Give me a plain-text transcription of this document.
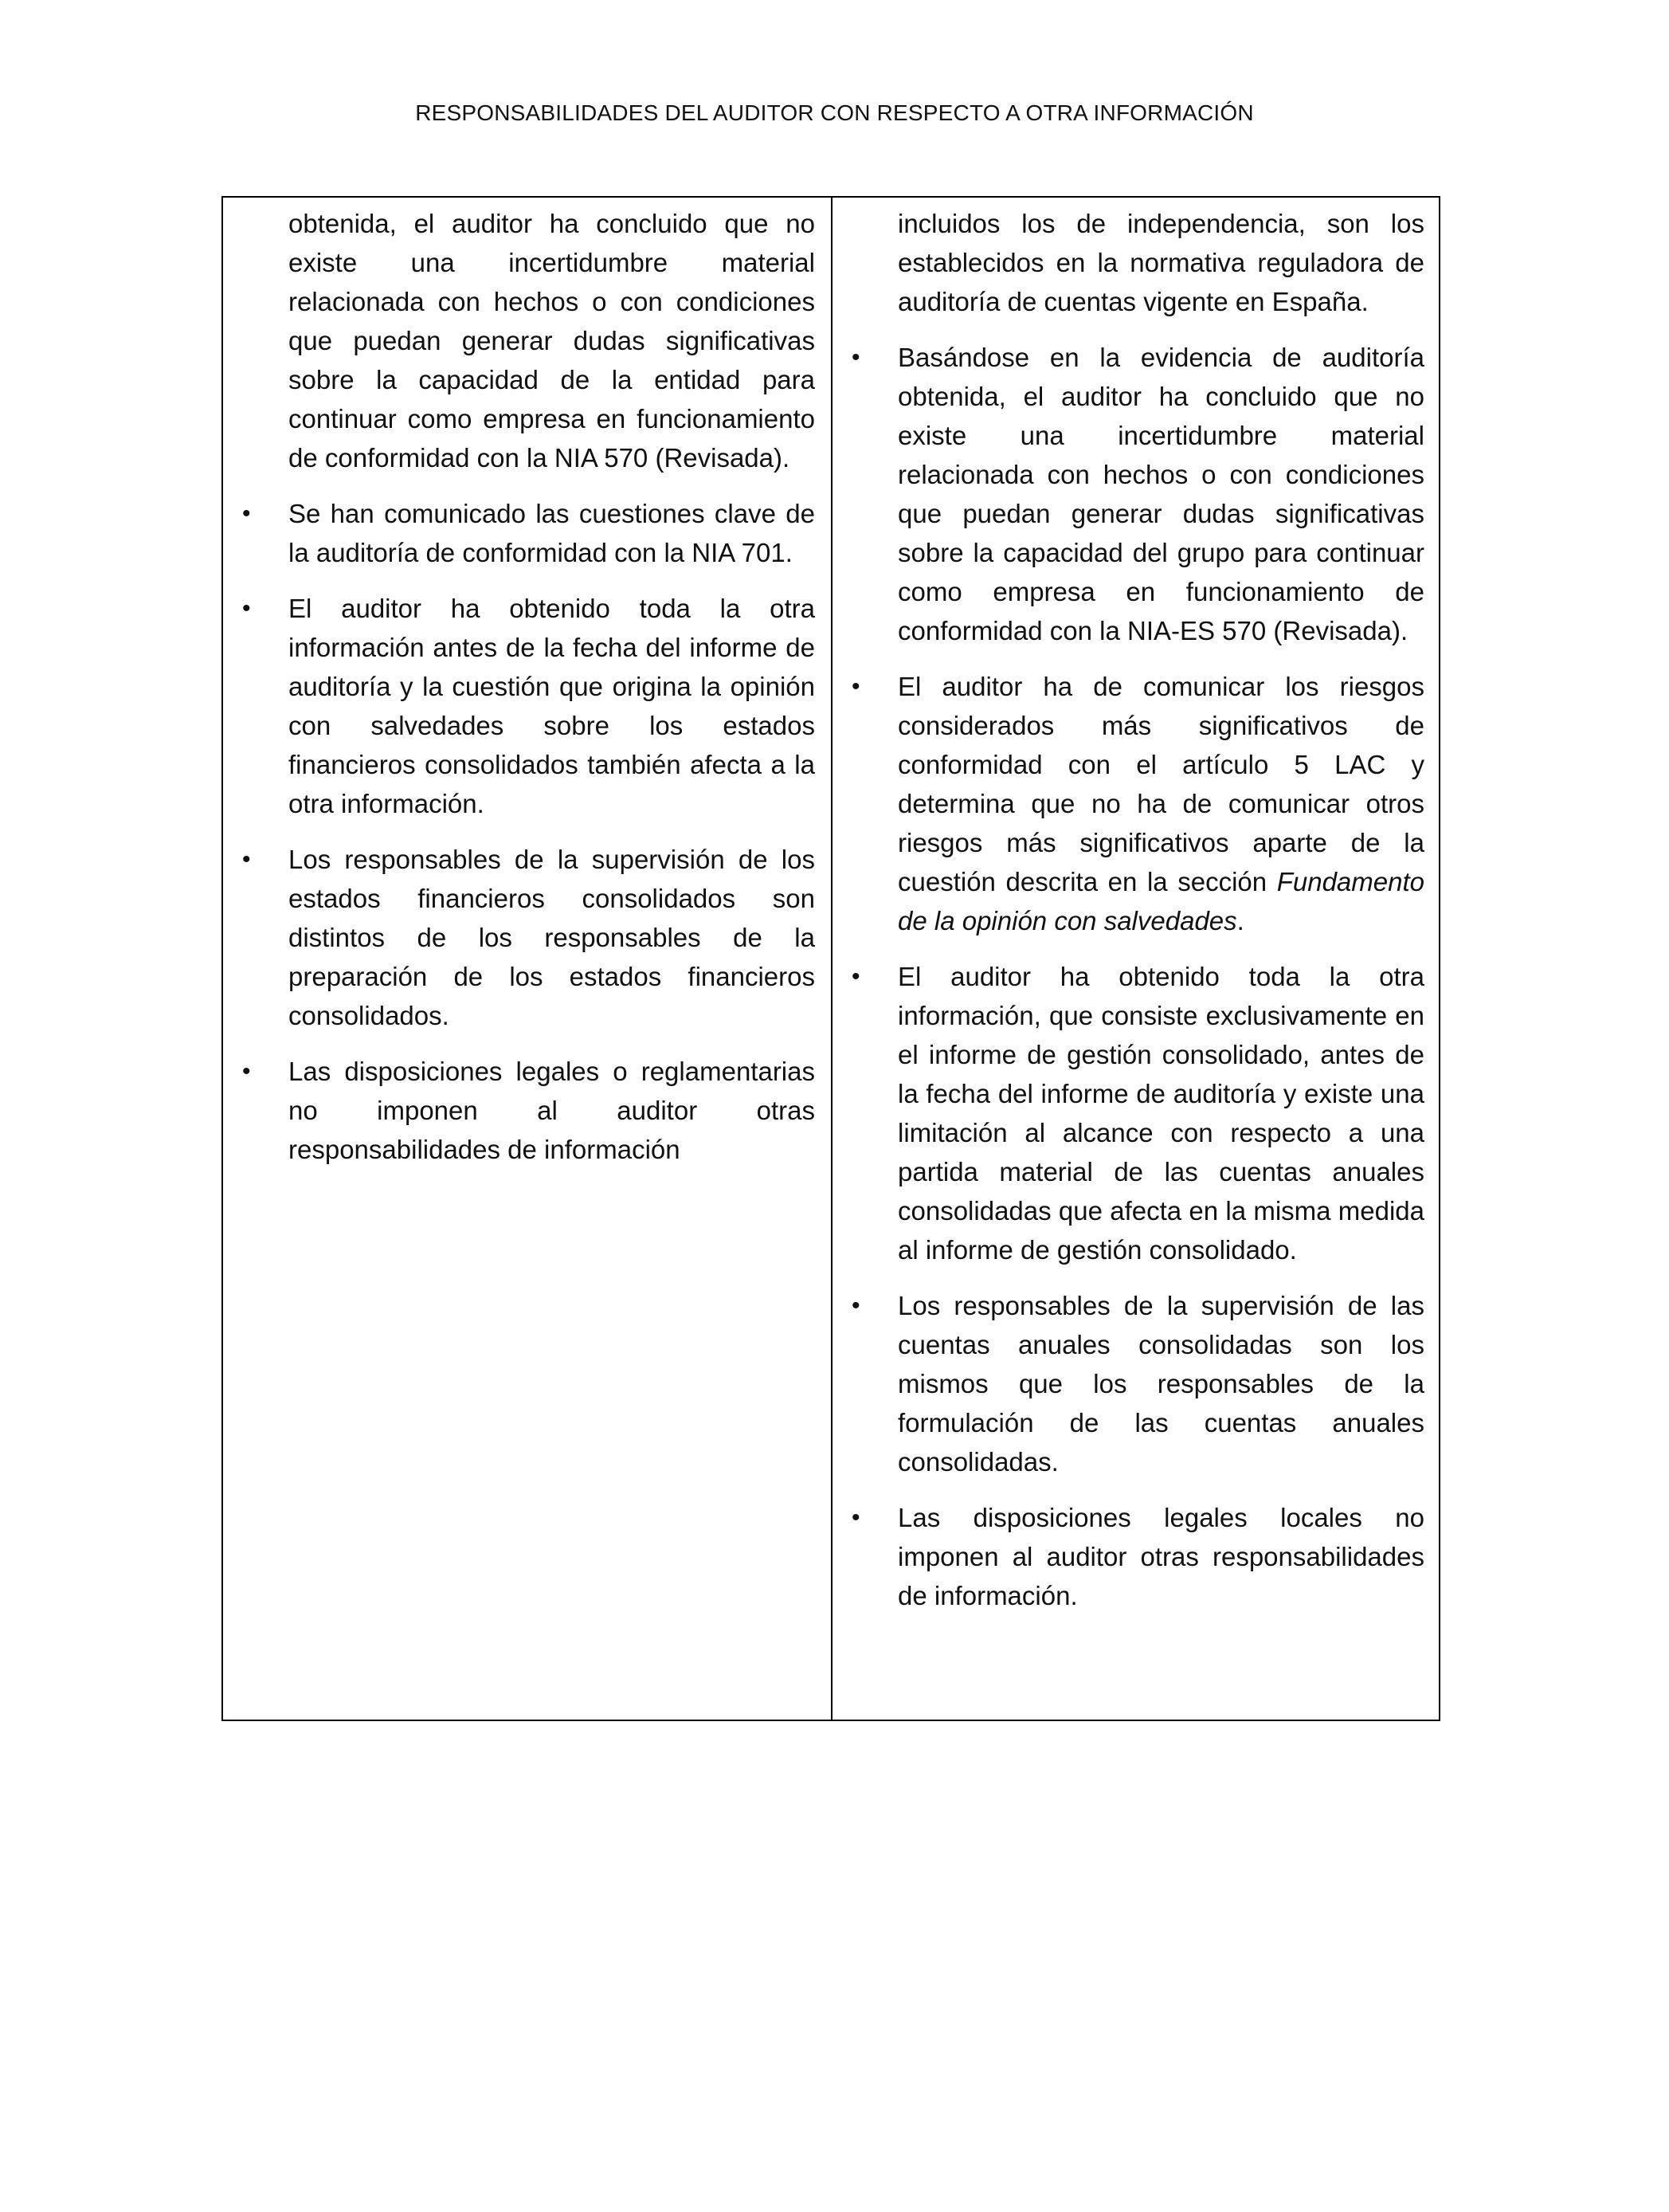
RESPONSABILIDADES DEL AUDITOR CON RESPECTO A OTRA INFORMACIÓN

obtenida, el auditor ha concluido que no existe una incertidumbre material relacionada con hechos o con condiciones que puedan generar dudas significativas sobre la capacidad de la entidad para continuar como empresa en funcionamiento de conformidad con la NIA 570 (Revisada).

• Se han comunicado las cuestiones clave de la auditoría de conformidad con la NIA 701.
• El auditor ha obtenido toda la otra información antes de la fecha del informe de auditoría y la cuestión que origina la opinión con salvedades sobre los estados financieros consolidados también afecta a la otra información.
• Los responsables de la supervisión de los estados financieros consolidados son distintos de los responsables de la preparación de los estados financieros consolidados.
• Las disposiciones legales o reglamentarias no imponen al auditor otras responsabilidades de información

incluidos los de independencia, son los establecidos en la normativa reguladora de auditoría de cuentas vigente en España.

• Basándose en la evidencia de auditoría obtenida, el auditor ha concluido que no existe una incertidumbre material relacionada con hechos o con condiciones que puedan generar dudas significativas sobre la capacidad del grupo para continuar como empresa en funcionamiento de conformidad con la NIA-ES 570 (Revisada).
• El auditor ha de comunicar los riesgos considerados más significativos de conformidad con el artículo 5 LAC y determina que no ha de comunicar otros riesgos más significativos aparte de la cuestión descrita en la sección Fundamento de la opinión con salvedades.
• El auditor ha obtenido toda la otra información, que consiste exclusivamente en el informe de gestión consolidado, antes de la fecha del informe de auditoría y existe una limitación al alcance con respecto a una partida material de las cuentas anuales consolidadas que afecta en la misma medida al informe de gestión consolidado.
• Los responsables de la supervisión de las cuentas anuales consolidadas son los mismos que los responsables de la formulación de las cuentas anuales consolidadas.
• Las disposiciones legales locales no imponen al auditor otras responsabilidades de información.
